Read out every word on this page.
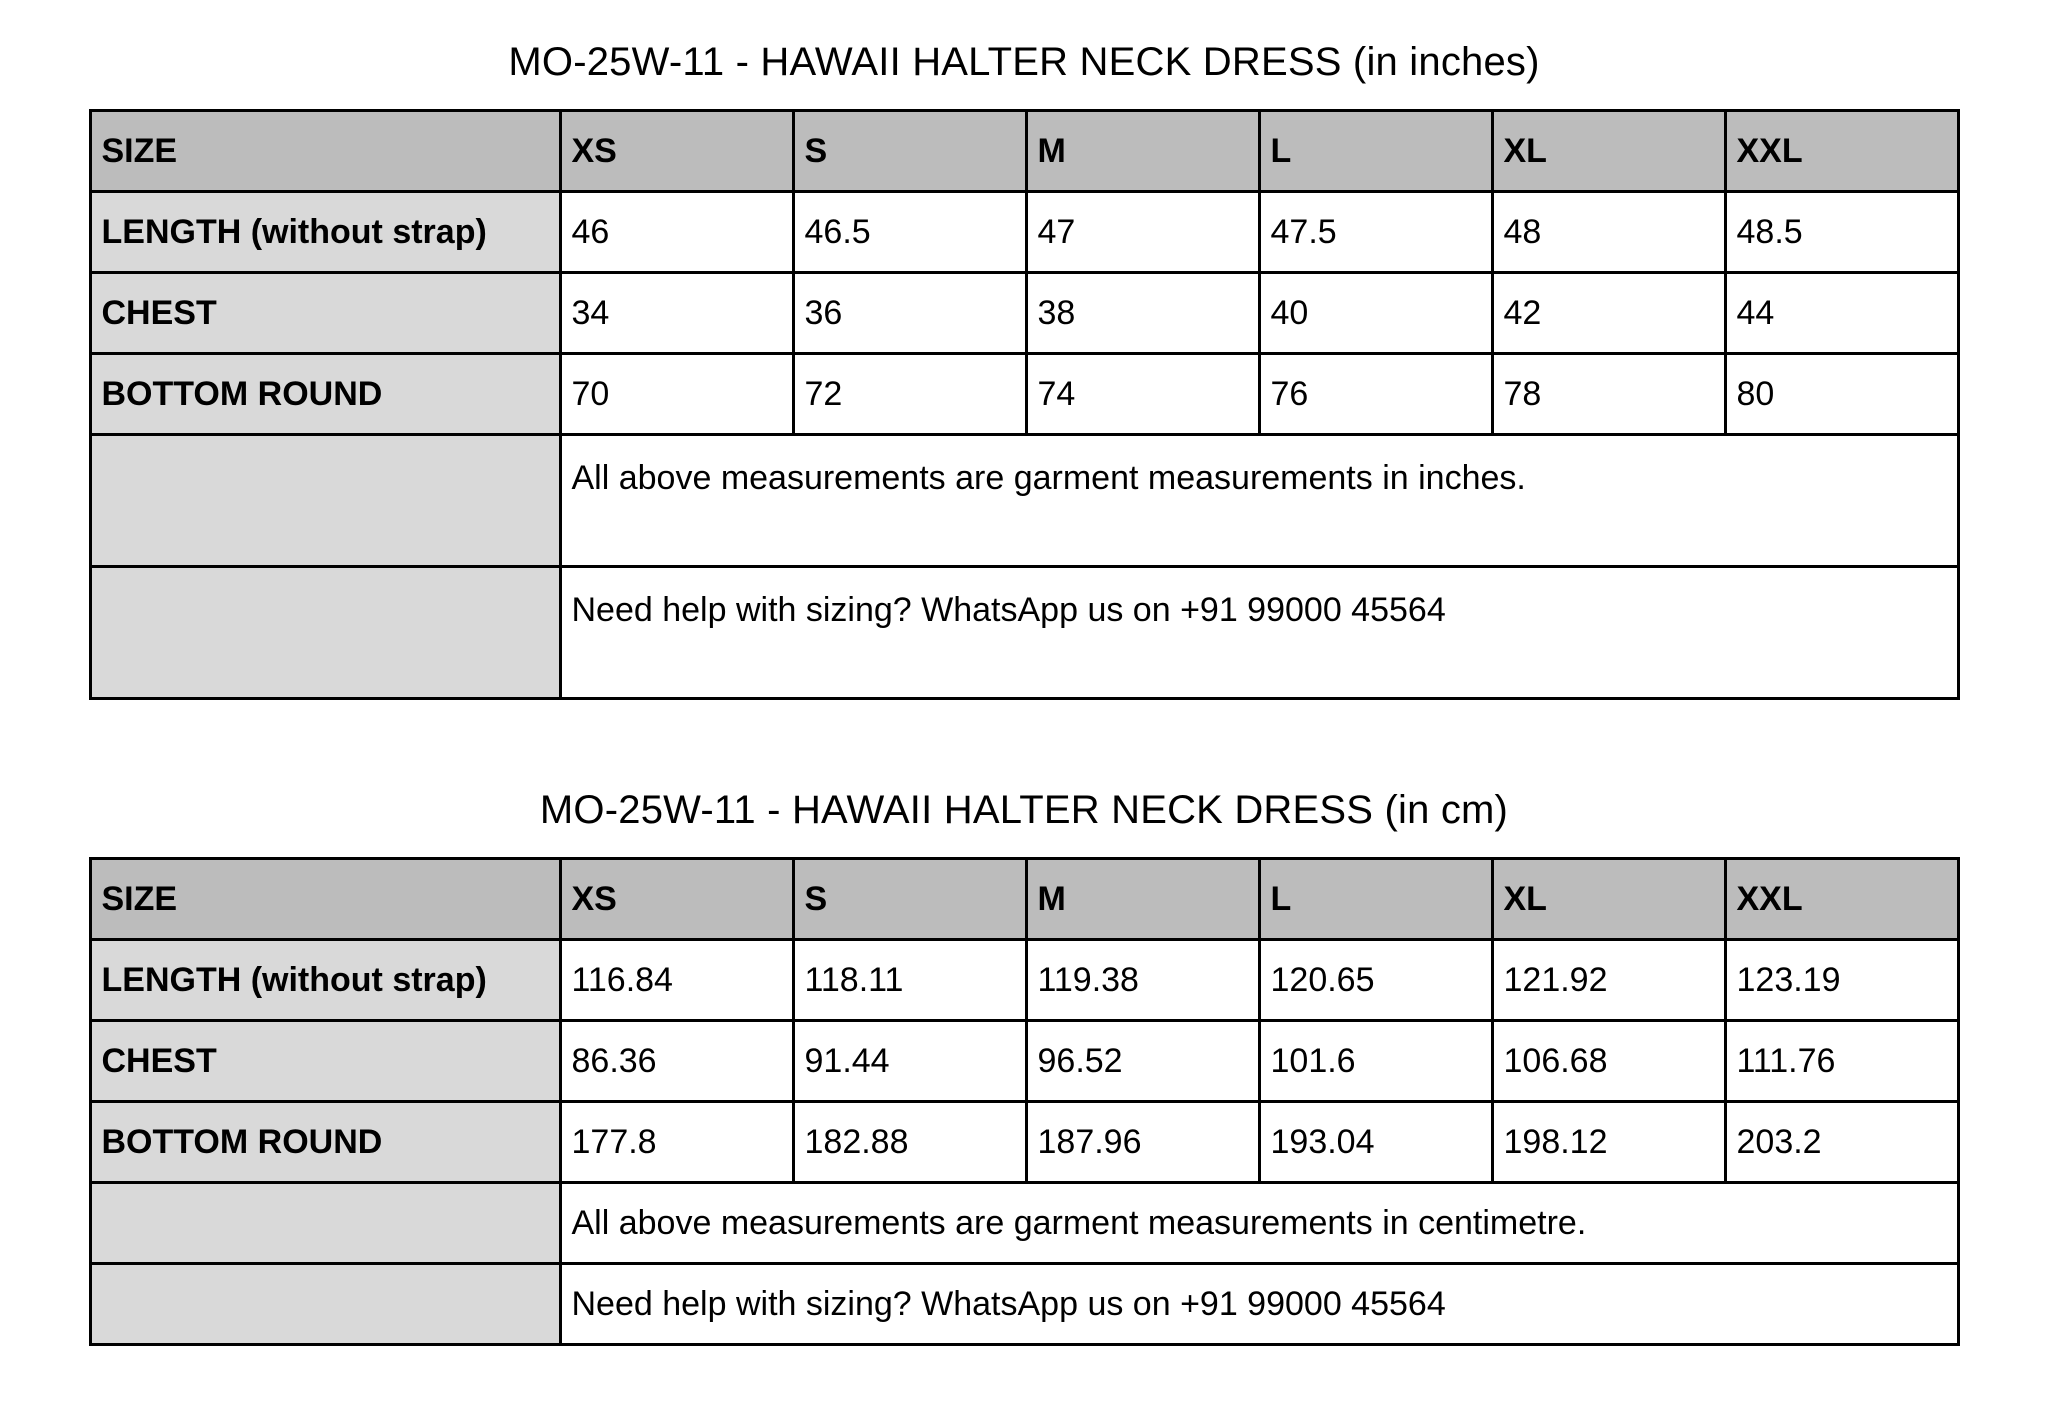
MO-25W-11 - HAWAII HALTER NECK DRESS (in inches)
SIZE	XS	S	M	L	XL	XXL
LENGTH (without strap)	46	46.5	47	47.5	48	48.5
CHEST	34	36	38	40	42	44
BOTTOM ROUND	70	72	74	76	78	80
	All above measurements are garment measurements in inches.					
	Need help with sizing? WhatsApp us on +91 99000 45564					
MO-25W-11 - HAWAII HALTER NECK DRESS (in cm)
SIZE	XS	S	M	L	XL	XXL
LENGTH (without strap)	116.84	118.11	119.38	120.65	121.92	123.19
CHEST	86.36	91.44	96.52	101.6	106.68	111.76
BOTTOM ROUND	177.8	182.88	187.96	193.04	198.12	203.2
	All above measurements are garment measurements in centimetre.					
	Need help with sizing? WhatsApp us on +91 99000 45564					
